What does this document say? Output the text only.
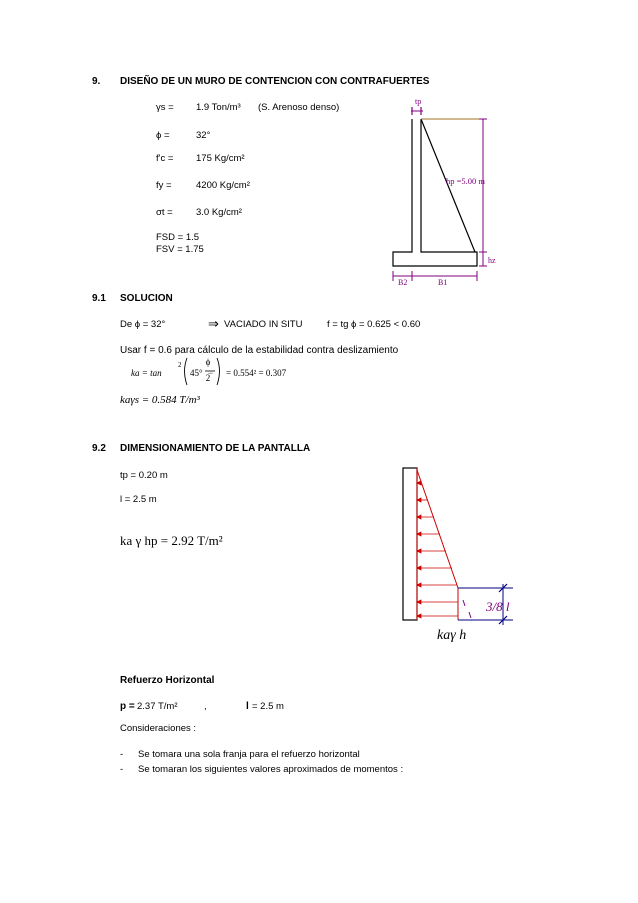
9. DISEÑO DE UN MURO DE CONTENCION CON CONTRAFUERTES
γs = 1.9 Ton/m³ (S. Arenoso denso)
ϕ =	32°
f'c = 175 Kg/cm²
fy =	4200 Kg/cm²
σt = 3.0 Kg/cm²
FSD = 1.5
FSV = 1.75
tp
hp =5.00 m
hz
B2	B1
9.1 SOLUCION
De ϕ = 32°	⇒ VACIADO IN SITU	f = tg ϕ = 0.625 < 0.60
Usar f = 0.6 para cálculo de la estabilidad contra deslizamiento
ka = tan
2
45° −
ϕ
2 = 0.554² = 0.307
kaγs = 0.584 T/m³
9.2 DIMENSIONAMIENTO DE LA PANTALLA
tp = 0.20 m
l = 2.5 m
ka γ hp = 2.92 T/m²
3/8 l
kaγ h
Refuerzo Horizontal
p = 2.37 T/m²	,	l = 2.5 m
Consideraciones :
- Se tomara una sola franja para el refuerzo horizontal
- Se tomaran los siguientes valores aproximados de momentos :
